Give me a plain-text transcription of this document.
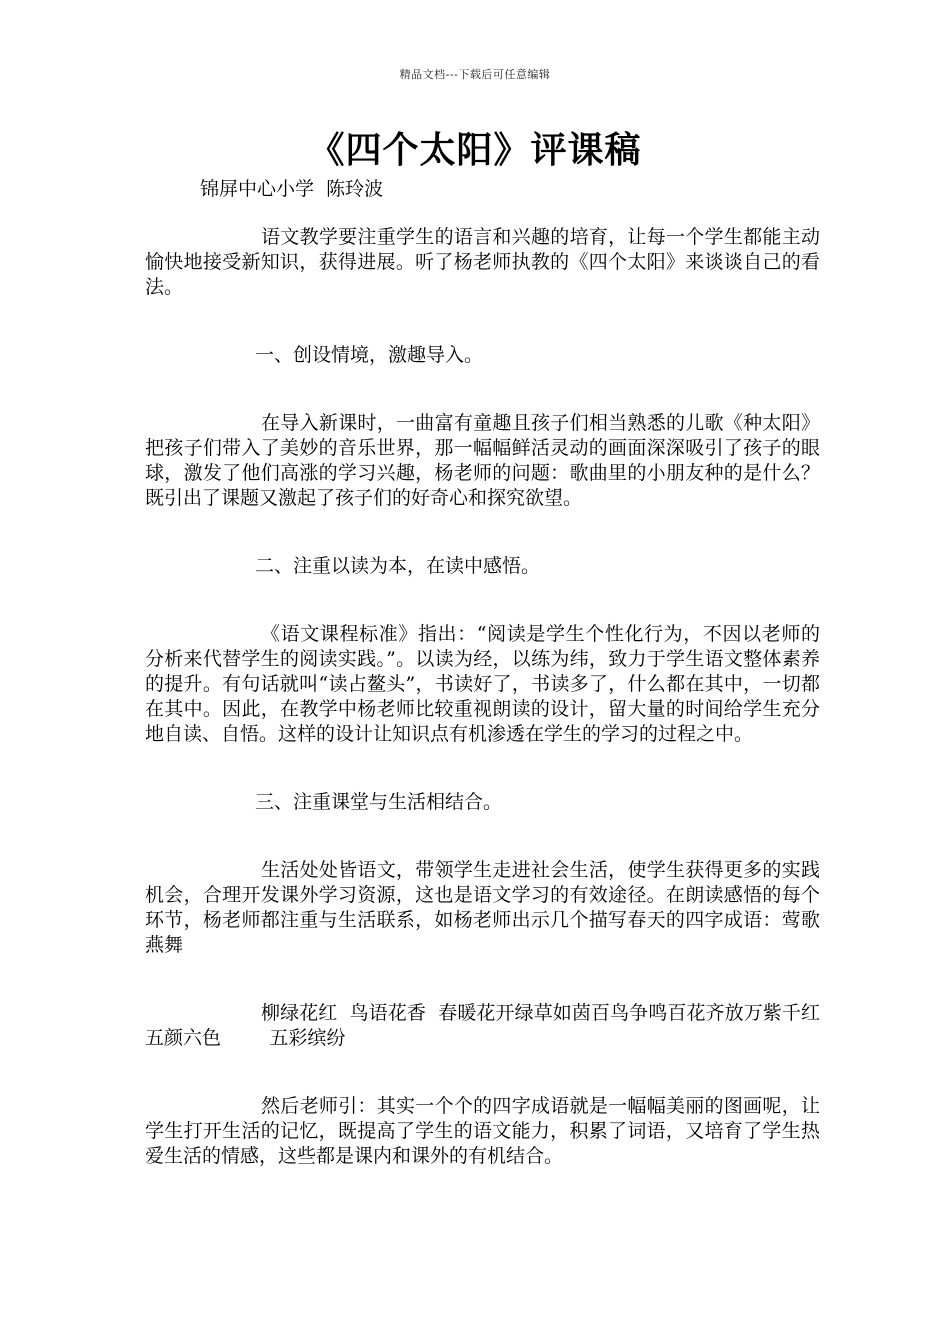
精品文档---下载后可任意编辑
《四个太阳》评课稿
锦屏中心小学  陈玲波

语文教学要注重学生的语言和兴趣的培育，让每一个学生都能主动愉快地接受新知识，获得进展。听了杨老师执教的《四个太阳》来谈谈自己的看法。

一、创设情境，激趣导入。

在导入新课时，一曲富有童趣且孩子们相当熟悉的儿歌《种太阳》把孩子们带入了美妙的音乐世界，那一幅幅鲜活灵动的画面深深吸引了孩子的眼球，激发了他们高涨的学习兴趣，杨老师的问题：歌曲里的小朋友种的是什么？既引出了课题又激起了孩子们的好奇心和探究欲望。

二、注重以读为本，在读中感悟。

《语文课程标准》指出：“阅读是学生个性化行为，不因以老师的分析来代替学生的阅读实践。”。以读为经，以练为纬，致力于学生语文整体素养的提升。有句话就叫“读占鳌头”，书读好了，书读多了，什么都在其中，一切都在其中。因此，在教学中杨老师比较重视朗读的设计，留大量的时间给学生充分地自读、自悟。这样的设计让知识点有机渗透在学生的学习的过程之中。

三、注重课堂与生活相结合。

生活处处皆语文，带领学生走进社会生活，使学生获得更多的实践机会，合理开发课外学习资源，这也是语文学习的有效途径。在朗读感悟的每个环节，杨老师都注重与生活联系，如杨老师出示几个描写春天的四字成语：莺歌燕舞

柳绿花红  鸟语花香  春暖花开绿草如茵百鸟争鸣百花齐放万紫千红        五颜六色        五彩缤纷

然后老师引：其实一个个的四字成语就是一幅幅美丽的图画呢，让学生打开生活的记忆，既提高了学生的语文能力，积累了词语，又培育了学生热爱生活的情感，这些都是课内和课外的有机结合。
